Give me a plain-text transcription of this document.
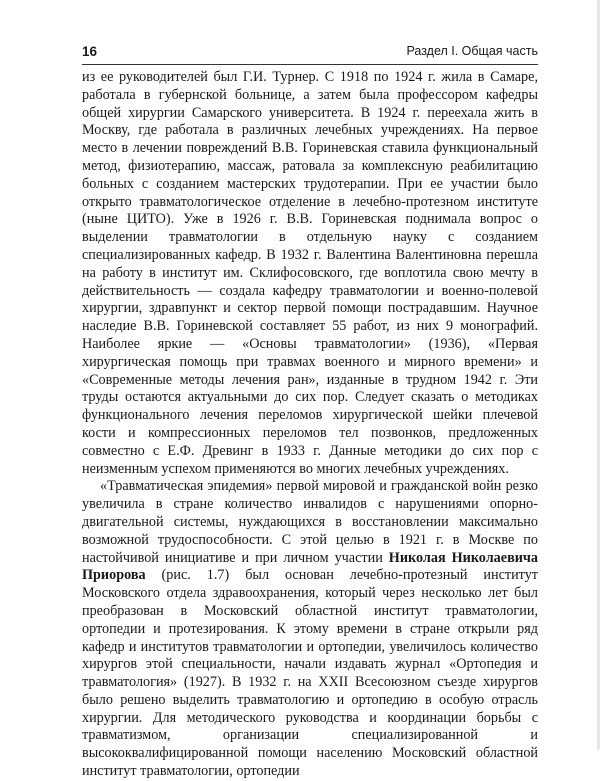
16	Раздел I. Общая часть

из ее руководителей был Г.И. Турнер. С 1918 по 1924 г. жила в Самаре, работала в губернской больнице, а затем была профессором кафедры общей хирургии Самарского университета. В 1924 г. переехала жить в Москву, где работала в различных лечебных учреждениях. На первое место в лечении повреждений В.В. Гориневская ставила функциональный метод, физиотерапию, массаж, ратовала за комплексную реабилитацию больных с созданием мастерских трудотерапии. При ее участии было открыто травматологическое отделение в лечебно-протезном институте (ныне ЦИТО). Уже в 1926 г. В.В. Гориневская поднимала вопрос о выделении травматологии в отдельную науку с созданием специализированных кафедр. В 1932 г. Валентина Валентиновна перешла на работу в институт им. Склифосовского, где воплотила свою мечту в действительность — создала кафедру травматологии и военно-полевой хирургии, здравпункт и сектор первой помощи пострадавшим. Научное наследие В.В. Гориневской составляет 55 работ, из них 9 монографий. Наиболее яркие — «Основы травматологии» (1936), «Первая хирургическая помощь при травмах военного и мирного времени» и «Современные методы лечения ран», изданные в трудном 1942 г. Эти труды остаются актуальными до сих пор. Следует сказать о методиках функционального лечения переломов хирургической шейки плечевой кости и компрессионных переломов тел позвонков, предложенных совместно с Е.Ф. Древинг в 1933 г. Данные методики до сих пор с неизменным успехом применяются во многих лечебных учреждениях.

«Травматическая эпидемия» первой мировой и гражданской войн резко увеличила в стране количество инвалидов с нарушениями опорно-двигательной системы, нуждающихся в восстановлении максимально возможной трудоспособности. С этой целью в 1921 г. в Москве по настойчивой инициативе и при личном участии Николая Николаевича Приорова (рис. 1.7) был основан лечебно-протезный институт Московского отдела здравоохранения, который через несколько лет был преобразован в Московский областной институт травматологии, ортопедии и протезирования. К этому времени в стране открыли ряд кафедр и институтов травматологии и ортопедии, увеличилось количество хирургов этой специальности, начали издавать журнал «Ортопедия и травматология» (1927). В 1932 г. на XXII Всесоюзном съезде хирургов было решено выделить травматологию и ортопедию в особую отрасль хирургии. Для методического руководства и координации борьбы с травматизмом, организации специализированной и высококвалифицированной помощи населению Московский областной институт травматологии, ортопедии
